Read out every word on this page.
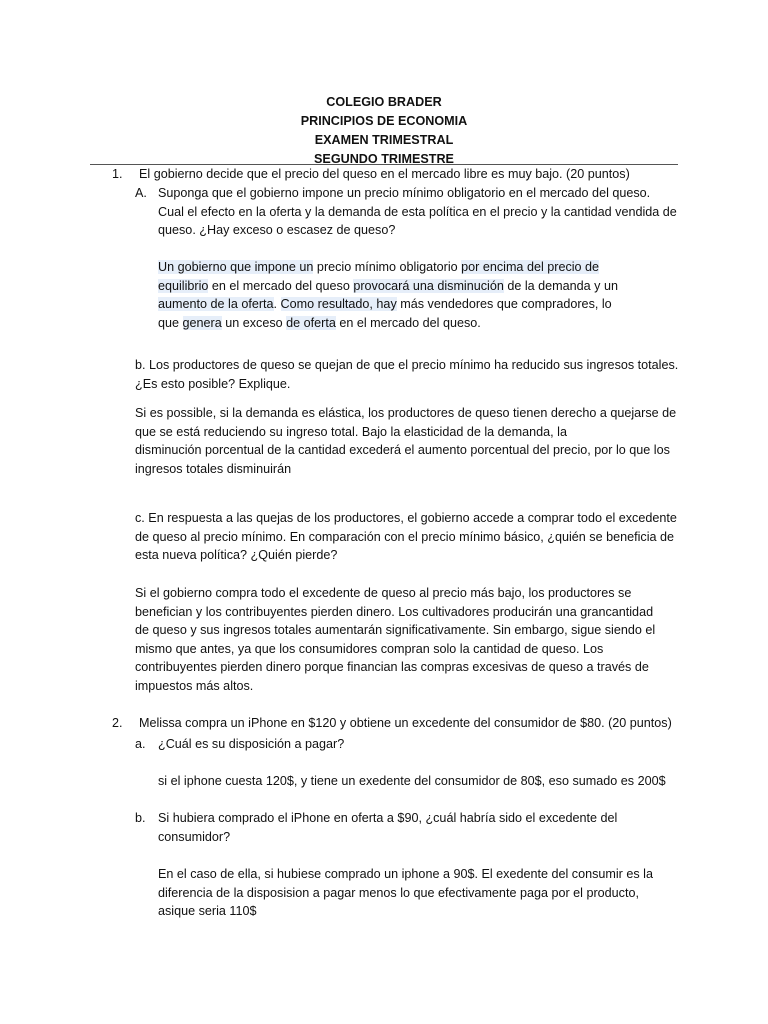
COLEGIO BRADER
PRINCIPIOS DE ECONOMIA
EXAMEN TRIMESTRAL
SEGUNDO TRIMESTRE
1. El gobierno decide que el precio del queso en el mercado libre es muy bajo. (20 puntos)
A. Suponga que el gobierno impone un precio mínimo obligatorio en el mercado del queso.

Cual el efecto en la oferta y la demanda de esta política en el precio y la cantidad vendida de

queso. ¿Hay exceso o escasez de queso?

Un gobierno que impone un precio mínimo obligatorio por encima del precio de

equilibrio en el mercado del queso provocará una disminución de la demanda y un

aumento de la oferta. Como resultado, hay más vendedores que compradores, lo

que genera un exceso de oferta en el mercado del queso.

b. Los productores de queso se quejan de que el precio mínimo ha reducido sus ingresos totales.

¿Es esto posible? Explique.

Si es possible, si la demanda es elástica, los productores de queso tienen derecho a quejarse de

que se está reduciendo su ingreso total. Bajo la elasticidad de la demanda, la

disminución porcentual de la cantidad excederá el aumento porcentual del precio, por lo que los

ingresos totales disminuirán

c. En respuesta a las quejas de los productores, el gobierno accede a comprar todo el excedente

de queso al precio mínimo. En comparación con el precio mínimo básico, ¿quién se beneficia de

esta nueva política? ¿Quién pierde?

Si el gobierno compra todo el excedente de queso al precio más bajo, los productores se

benefician y los contribuyentes pierden dinero. Los cultivadores producirán una grancantidad

de queso y sus ingresos totales aumentarán significativamente. Sin embargo, sigue siendo el

mismo que antes, ya que los consumidores compran solo la cantidad de queso. Los

contribuyentes pierden dinero porque financian las compras excesivas de queso a través de

impuestos más altos.

2. Melissa compra un iPhone en $120 y obtiene un excedente del consumidor de $80. (20 puntos)
a. ¿Cuál es su disposición a pagar?
si el iphone cuesta 120$, y tiene un exedente del consumidor de 80$, eso sumado es 200$
b. Si hubiera comprado el iPhone en oferta a $90, ¿cuál habría sido el excedente del

consumidor?

En el caso de ella, si hubiese comprado un iphone a 90$. El exedente del consumir es la

diferencia de la disposision a pagar menos lo que efectivamente paga por el producto,

asique seria 110$
